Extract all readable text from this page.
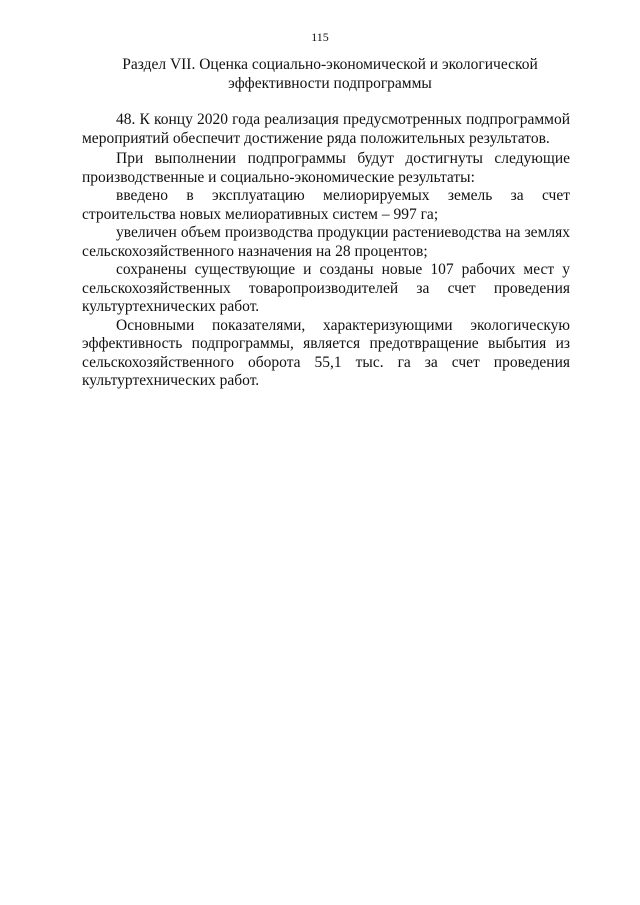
115
Раздел VII. Оценка социально-экономической и экологической
эффективности подпрограммы

48. К концу 2020 года реализация предусмотренных подпрограммой мероприятий обеспечит достижение ряда положительных результатов.

При выполнении подпрограммы будут достигнуты следующие производственные и социально-экономические результаты:

введено в эксплуатацию мелиорируемых земель за счет строительства новых мелиоративных систем – 997 га;

увеличен объем производства продукции растениеводства на землях сельскохозяйственного назначения на 28 процентов;

сохранены существующие и созданы новые 107 рабочих мест у сельскохозяйственных товаропроизводителей за счет проведения культуртехнических работ.

Основными показателями, характеризующими экологическую эффективность подпрограммы, является предотвращение выбытия из сельскохозяйственного оборота 55,1 тыс. га за счет проведения культуртехнических работ.
